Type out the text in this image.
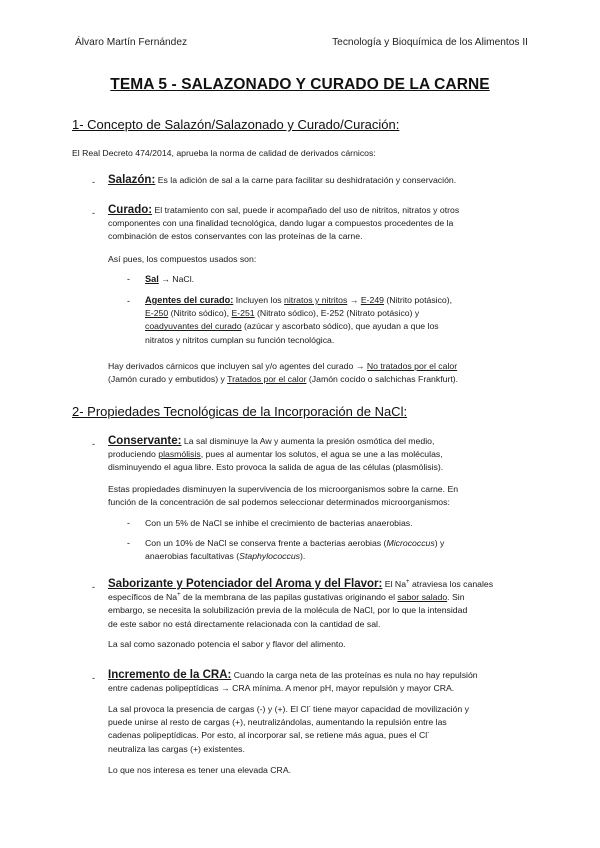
Álvaro Martín Fernández	Tecnología y Bioquímica de los Alimentos II
TEMA 5 - SALAZONADO Y CURADO DE LA CARNE
1- Concepto de Salazón/Salazonado y Curado/Curación:
El Real Decreto 474/2014, aprueba la norma de calidad de derivados cárnicos:
- Salazón: Es la adición de sal a la carne para facilitar su deshidratación y conservación.
- Curado: El tratamiento con sal, puede ir acompañado del uso de nitritos, nitratos y otros
componentes con una finalidad tecnológica, dando lugar a compuestos procedentes de la
combinación de estos conservantes con las proteínas de la carne.
Así pues, los compuestos usados son:
- Sal → NaCl.
- Agentes del curado: Incluyen los nitratos y nitritos → E-249 (Nitrito potásico),
E-250 (Nitrito sódico), E-251 (Nitrato sódico), E-252 (Nitrato potásico) y
coadyuvantes del curado (azúcar y ascorbato sódico), que ayudan a que los
nitratos y nitritos cumplan su función tecnológica.
Hay derivados cárnicos que incluyen sal y/o agentes del curado → No tratados por el calor
(Jamón curado y embutidos) y Tratados por el calor (Jamón cocido o salchichas Frankfurt).
2- Propiedades Tecnológicas de la Incorporación de NaCl:
- Conservante: La sal disminuye la Aw y aumenta la presión osmótica del medio,
produciendo plasmólisis, pues al aumentar los solutos, el agua se une a las moléculas,
disminuyendo el agua libre. Esto provoca la salida de agua de las células (plasmólisis).
Estas propiedades disminuyen la supervivencia de los microorganismos sobre la carne. En
función de la concentración de sal podemos seleccionar determinados microorganismos:
- Con un 5% de NaCl se inhibe el crecimiento de bacterias anaerobias.
- Con un 10% de NaCl se conserva frente a bacterias aerobias (Micrococcus) y
anaerobias facultativas (Staphylococcus).
- Saborizante y Potenciador del Aroma y del Flavor: El Na+ atraviesa los canales
específicos de Na+ de la membrana de las papilas gustativas originando el sabor salado. Sin
embargo, se necesita la solubilización previa de la molécula de NaCl, por lo que la intensidad
de este sabor no está directamente relacionada con la cantidad de sal.
La sal como sazonado potencia el sabor y flavor del alimento.
- Incremento de la CRA: Cuando la carga neta de las proteínas es nula no hay repulsión
entre cadenas polipeptídicas → CRA mínima. A menor pH, mayor repulsión y mayor CRA.
La sal provoca la presencia de cargas (-) y (+). El Cl- tiene mayor capacidad de movilización y
puede unirse al resto de cargas (+), neutralizándolas, aumentando la repulsión entre las
cadenas polipeptídicas. Por esto, al incorporar sal, se retiene más agua, pues el Cl-
neutraliza las cargas (+) existentes.
Lo que nos interesa es tener una elevada CRA.
